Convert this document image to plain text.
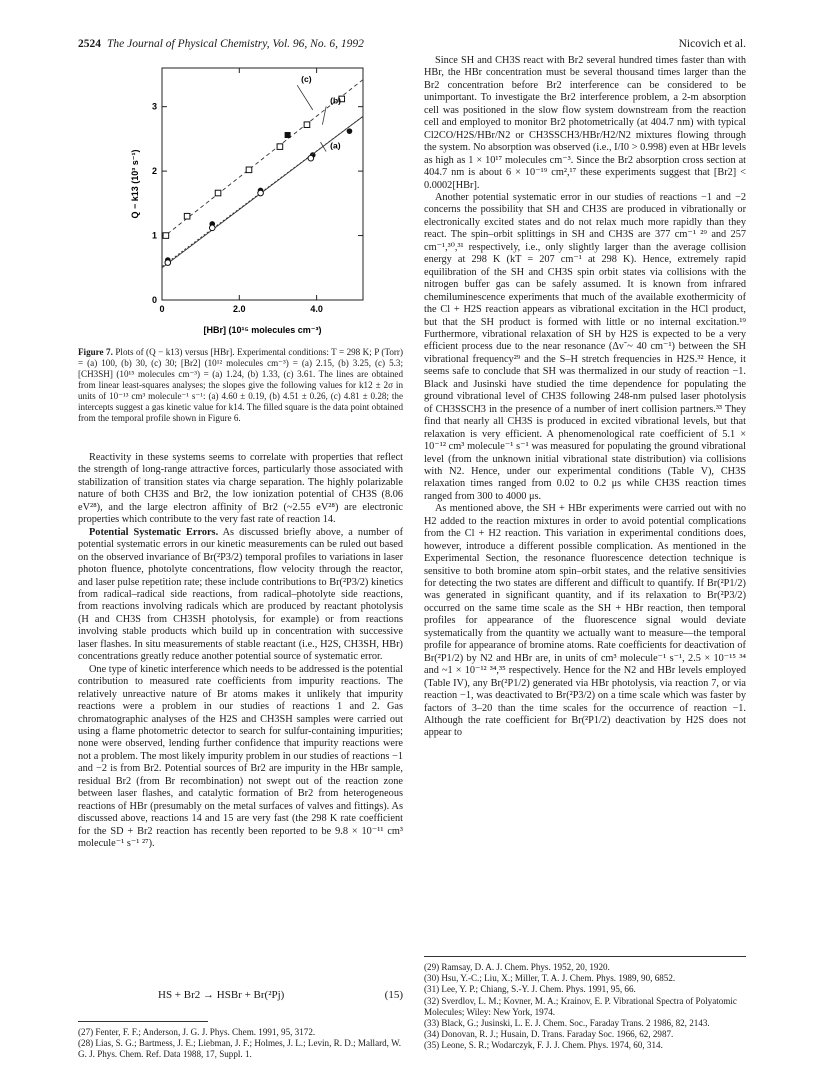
2524 The Journal of Physical Chemistry, Vol. 96, No. 6, 1992	Nicovich et al.
0	2.0	4.0
0
1
2
3
[HBr] (10¹⁵ molecules cm⁻³)
Q − k13 (10³ s⁻¹)
(c)
(b)
(a)
Figure 7. Plots of (Q − k13) versus [HBr]. Experimental conditions: T = 298 K; P (Torr) = (a) 100, (b) 30, (c) 30; [Br2] (10¹² molecules cm⁻³) = (a) 2.15, (b) 3.25, (c) 5.3; [CH3SH] (10¹⁵ molecules cm⁻³) = (a) 1.24, (b) 1.33, (c) 3.61. The lines are obtained from linear least-squares analyses; the slopes give the following values for k12 ± 2σ in units of 10⁻¹³ cm³ molecule⁻¹ s⁻¹: (a) 4.60 ± 0.19, (b) 4.51 ± 0.26, (c) 4.81 ± 0.28; the intercepts suggest a gas kinetic value for k14. The filled square is the data point obtained from the temporal profile shown in Figure 6.

Reactivity in these systems seems to correlate with properties that reflect the strength of long-range attractive forces, particularly those associated with stabilization of transition states via charge separation. The highly polarizable nature of both CH3S and Br2, the low ionization potential of CH3S (8.06 eV²⁸), and the large electron affinity of Br2 (~2.55 eV²⁸) are electronic properties which contribute to the very fast rate of reaction 14.

Potential Systematic Errors. As discussed briefly above, a number of potential systematic errors in our kinetic measurements can be ruled out based on the observed invariance of Br(²P3/2) temporal profiles to variations in laser photon fluence, photolyte concentrations, flow velocity through the reactor, and laser pulse repetition rate; these include contributions to Br(²P3/2) kinetics from radical–radical side reactions, from radical–photolyte side reactions, from reactions involving radicals which are produced by reactant photolysis (H and CH3S from CH3SH photolysis, for example) or from reactions involving stable products which build up in concentration with successive laser flashes. In situ measurements of stable reactant (i.e., H2S, CH3SH, HBr) concentrations greatly reduce another potential source of systematic error.

One type of kinetic interference which needs to be addressed is the potential contribution to measured rate coefficients from impurity reactions. The relatively unreactive nature of Br atoms makes it unlikely that impurity reactions were a problem in our studies of reactions 1 and 2. Gas chromatographic analyses of the H2S and CH3SH samples were carried out using a flame photometric detector to search for sulfur-containing impurities; none were observed, lending further confidence that impurity reactions were not a problem. The most likely impurity problem in our studies of reactions −1 and −2 is from Br2. Potential sources of Br2 are impurity in the HBr sample, residual Br2 (from Br recombination) not swept out of the reaction zone between laser flashes, and catalytic formation of Br2 from heterogeneous reactions of HBr (presumably on the metal surfaces of valves and fittings). As discussed above, reactions 14 and 15 are very fast (the 298 K rate coefficient for the SD + Br2 reaction has recently been reported to be 9.8 × 10⁻¹¹ cm³ molecule⁻¹ s⁻¹ ²⁷).

HS + Br2 → HSBr + Br(²Pj)	(15)
(27) Fenter, F. F.; Anderson, J. G. J. Phys. Chem. 1991, 95, 3172.
(28) Lias, S. G.; Bartmess, J. E.; Liebman, J. F.; Holmes, J. L.; Levin, R. D.; Mallard, W. G. J. Phys. Chem. Ref. Data 1988, 17, Suppl. 1.

Since SH and CH3S react with Br2 several hundred times faster than with HBr, the HBr concentration must be several thousand times larger than the Br2 concentration before Br2 interference can be considered to be unimportant. To investigate the Br2 interference problem, a 2-m absorption cell was positioned in the slow flow system downstream from the reaction cell and employed to monitor Br2 photometrically (at 404.7 nm) with typical Cl2CO/H2S/HBr/N2 or CH3SSCH3/HBr/H2/N2 mixtures flowing through the system. No absorption was observed (i.e., I/I0 > 0.998) even at HBr levels as high as 1 × 10¹⁷ molecules cm⁻³. Since the Br2 absorption cross section at 404.7 nm is about 6 × 10⁻¹⁹ cm²,¹⁷ these experiments suggest that [Br2] < 0.0002[HBr].

Another potential systematic error in our studies of reactions −1 and −2 concerns the possibility that SH and CH3S are produced in vibrationally or electronically excited states and do not relax much more rapidly than they react. The spin–orbit splittings in SH and CH3S are 377 cm⁻¹ ²⁹ and 257 cm⁻¹,³⁰,³¹ respectively, i.e., only slightly larger than the average collision energy at 298 K (kT = 207 cm⁻¹ at 298 K). Hence, extremely rapid equilibration of the SH and CH3S spin orbit states via collisions with the nitrogen buffer gas can be safely assumed. It is known from infrared chemiluminescence experiments that much of the available exothermicity of the Cl + H2S reaction appears as vibrational excitation in the HCl product, but that the SH product is formed with little or no internal excitation.¹⁹ Furthermore, vibrational relaxation of SH by H2S is expected to be a very efficient process due to the near resonance (Δν̃ ~ 40 cm⁻¹) between the SH vibrational frequency²⁹ and the S–H stretch frequencies in H2S.³² Hence, it seems safe to conclude that SH was thermalized in our study of reaction −1. Black and Jusinski have studied the time dependence for populating the ground vibrational level of CH3S following 248-nm pulsed laser photolysis of CH3SSCH3 in the presence of a number of inert collision partners.³³ They find that nearly all CH3S is produced in excited vibrational levels, but that relaxation is very efficient. A phenomenological rate coefficient of 5.1 × 10⁻¹² cm³ molecule⁻¹ s⁻¹ was measured for populating the ground vibrational level (from the unknown initial vibrational state distribution) via collisions with N2. Hence, under our experimental conditions (Table V), CH3S relaxation times ranged from 0.02 to 0.2 μs while CH3S reaction times ranged from 300 to 4000 μs.

As mentioned above, the SH + HBr experiments were carried out with no H2 added to the reaction mixtures in order to avoid potential complications from the Cl + H2 reaction. This variation in experimental conditions does, however, introduce a different possible complication. As mentioned in the Experimental Section, the resonance fluorescence detection technique is sensitive to both bromine atom spin–orbit states, and the relative sensitivies for detecting the two states are different and difficult to quantify. If Br(²P1/2) was generated in significant quantity, and if its relaxation to Br(²P3/2) occurred on the same time scale as the SH + HBr reaction, then temporal profiles for appearance of the fluorescence signal would deviate systematically from the quantity we actually want to measure—the temporal profile for appearance of bromine atoms. Rate coefficients for deactivation of Br(²P1/2) by N2 and HBr are, in units of cm³ molecule⁻¹ s⁻¹, 2.5 × 10⁻¹⁵ ³⁴ and ~1 × 10⁻¹² ³⁴,³⁵ respectively. Hence for the N2 and HBr levels employed (Table IV), any Br(²P1/2) generated via HBr photolysis, via reaction 7, or via reaction −1, was deactivated to Br(²P3/2) on a time scale which was faster by factors of 3–20 than the time scales for the occurrence of reaction −1. Although the rate coefficient for Br(²P1/2) deactivation by H2S does not appear to

(29) Ramsay, D. A. J. Chem. Phys. 1952, 20, 1920.
(30) Hsu, Y.-C.; Liu, X.; Miller, T. A. J. Chem. Phys. 1989, 90, 6852.
(31) Lee, Y. P.; Chiang, S.-Y. J. Chem. Phys. 1991, 95, 66.
(32) Sverdlov, L. M.; Kovner, M. A.; Krainov, E. P. Vibrational Spectra of Polyatomic Molecules; Wiley: New York, 1974.
(33) Black, G.; Jusinski, L. E. J. Chem. Soc., Faraday Trans. 2 1986, 82, 2143.
(34) Donovan, R. J.; Husain, D. Trans. Faraday Soc. 1966, 62, 2987.
(35) Leone, S. R.; Wodarczyk, F. J. J. Chem. Phys. 1974, 60, 314.
